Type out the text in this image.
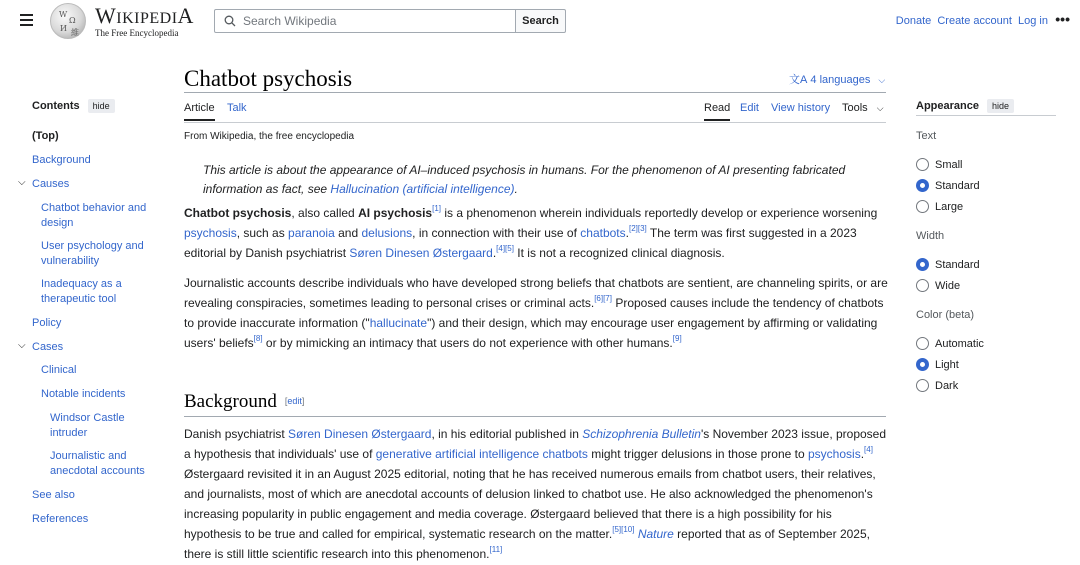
W
Ω
И 維
WIKIPEDIA
The Free Encyclopedia
Search Wikipedia
Search	Donate Create account Log in •••
Contents	hide
(Top)
Background
⌵ Causes
Chatbot behavior and design
User psychology and vulnerability
Inadequacy as a therapeutic tool
Policy
⌵ Cases
Clinical
Notable incidents
Windsor Castle intruder
Journalistic and anecdotal accounts
See also
References
Chatbot psychosis	文A 4 languages ⌵
Article Talk	Read Edit View history Tools ⌵
From Wikipedia, the free encyclopedia
This article is about the appearance of AI–induced psychosis in humans. For the phenomenon of AI presenting fabricated information as fact, see Hallucination (artificial intelligence).

Chatbot psychosis, also called AI psychosis[1] is a phenomenon wherein individuals reportedly develop or experience worsening psychosis, such as paranoia and delusions, in connection with their use of chatbots.[2][3] The term was first suggested in a 2023 editorial by Danish psychiatrist Søren Dinesen Østergaard.[4][5] It is not a recognized clinical diagnosis.

Journalistic accounts describe individuals who have developed strong beliefs that chatbots are sentient, are channeling spirits, or are revealing conspiracies, sometimes leading to personal crises or criminal acts.[6][7] Proposed causes include the tendency of chatbots to provide inaccurate information ("hallucinate") and their design, which may encourage user engagement by affirming or validating users' beliefs[8] or by mimicking an intimacy that users do not experience with other humans.[9]

Background [edit]

Danish psychiatrist Søren Dinesen Østergaard, in his editorial published in Schizophrenia Bulletin's November 2023 issue, proposed a hypothesis that individuals' use of generative artificial intelligence chatbots might trigger delusions in those prone to psychosis.[4] Østergaard revisited it in an August 2025 editorial, noting that he has received numerous emails from chatbot users, their relatives, and journalists, most of which are anecdotal accounts of delusion linked to chatbot use. He also acknowledged the phenomenon's increasing popularity in public engagement and media coverage. Østergaard believed that there is a high possibility for his hypothesis to be true and called for empirical, systematic research on the matter.[5][10] Nature reported that as of September 2025, there is still little scientific research into this phenomenon.[11]

Appearance	hide
Text
Small
Standard
Large
Width
Standard
Wide
Color (beta)
Automatic
Light
Dark
